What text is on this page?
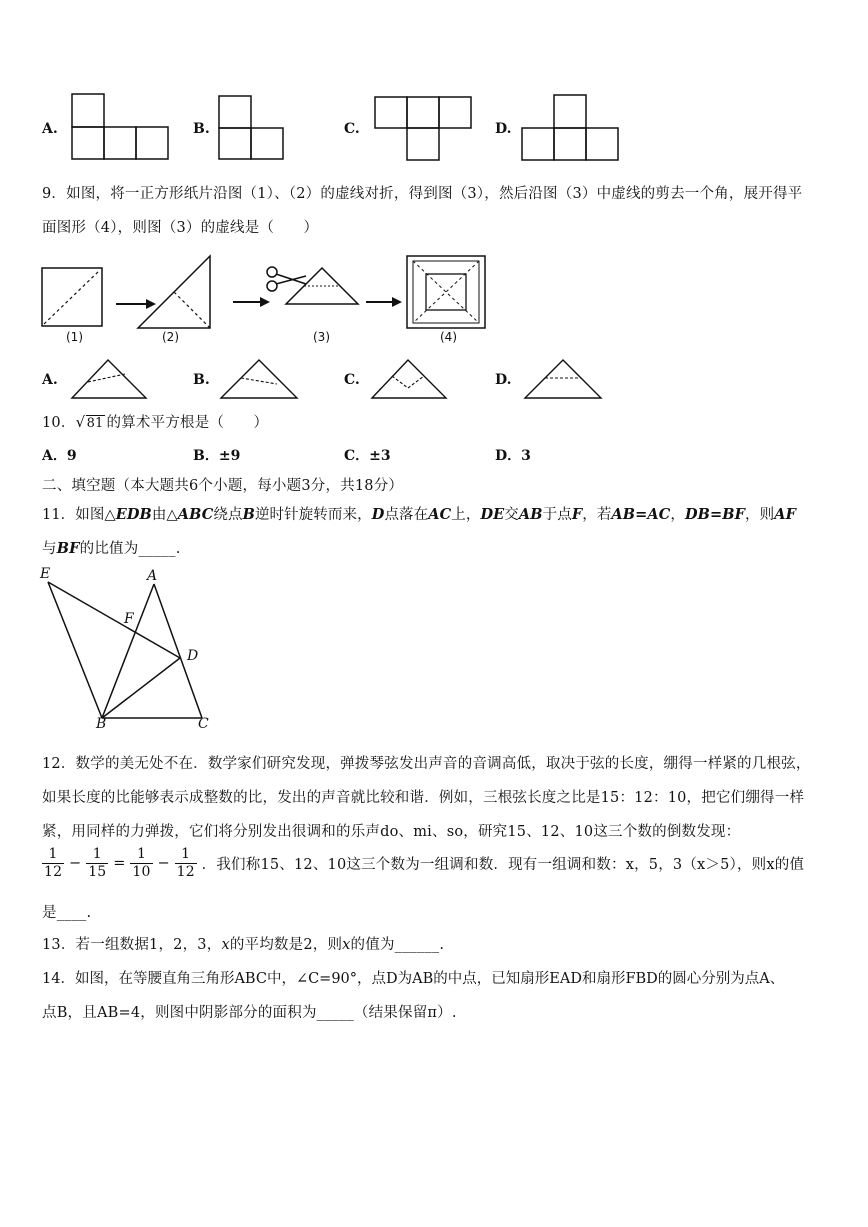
A.	B.	C.	D.
9．如图，将一正方形纸片沿图（1）、（2）的虚线对折，得到图（3），然后沿图（3）中虚线的剪去一个角，展开得平
面图形（4），则图（3）的虚线是（　　）
(1)	(2)	(3)	(4)
A.	B.	C.	D.
10． √ 81 的算术平方根是（　　）
A．9	B．±9	C．±3	D．3
二、填空题（本大题共6个小题，每小题3分，共18分）
11．如图△EDB由△ABC绕点B逆时针旋转而来，D点落在AC上，DE交AB于点F，若AB=AC，DB=BF，则AF
与BF的比值为_____.
E	A
F
D
B	C
12．数学的美无处不在．数学家们研究发现，弹拨琴弦发出声音的音调高低，取决于弦的长度，绷得一样紧的几根弦，
如果长度的比能够表示成整数的比，发出的声音就比较和谐．例如，三根弦长度之比是15：12：10，把它们绷得一样
紧，用同样的力弹拨，它们将分别发出很调和的乐声do、mi、so，研究15、12、10这三个数的倒数发现：
$\frac{1}{12} - \frac{1}{15} = \frac{1}{10} - \frac{1}{12}$ ．我们称15、12、10这三个数为一组调和数．现有一组调和数：x，5，3（x＞5），则x的值
是____.
13．若一组数据1，2，3，x的平均数是2，则x的值为______.
14．如图，在等腰直角三角形ABC中，∠C=90°，点D为AB的中点，已知扇形EAD和扇形FBD的圆心分别为点A、
点B，且AB=4，则图中阴影部分的面积为_____（结果保留π）.
